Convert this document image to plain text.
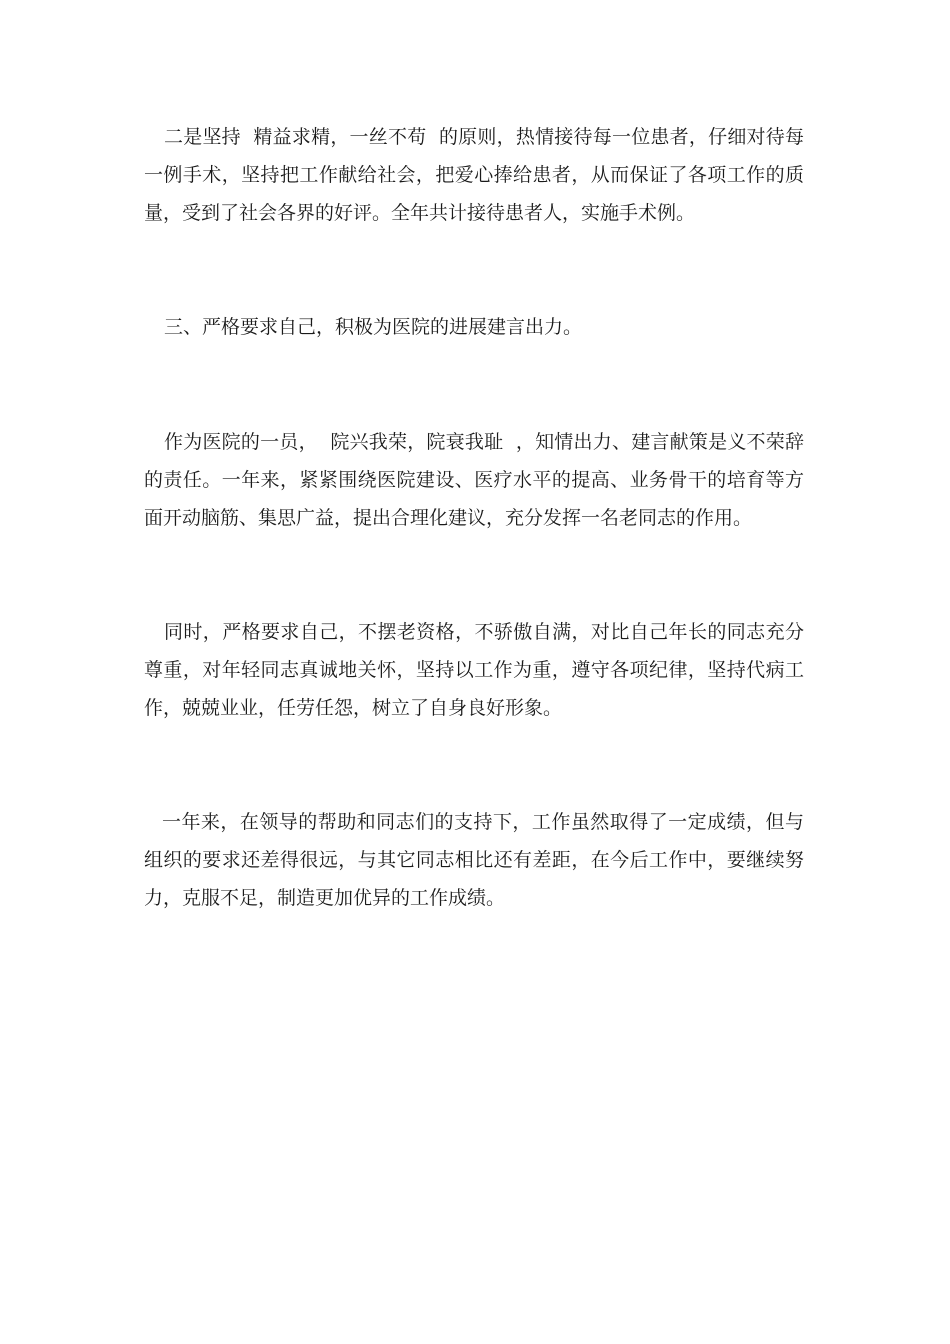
二是坚持  精益求精，一丝不苟  的原则，热情接待每一位患者，仔细对待每一例手术，坚持把工作献给社会，把爱心捧给患者，从而保证了各项工作的质量，受到了社会各界的好评。全年共计接待患者人，实施手术例。

三、严格要求自己，积极为医院的进展建言出力。

作为医院的一员，  院兴我荣，院衰我耻  ，知情出力、建言献策是义不荣辞的责任。一年来，紧紧围绕医院建设、医疗水平的提高、业务骨干的培育等方面开动脑筋、集思广益，提出合理化建议，充分发挥一名老同志的作用。

同时，严格要求自己，不摆老资格，不骄傲自满，对比自己年长的同志充分尊重，对年轻同志真诚地关怀，坚持以工作为重，遵守各项纪律，坚持代病工作，兢兢业业，任劳任怨，树立了自身良好形象。

一年来，在领导的帮助和同志们的支持下，工作虽然取得了一定成绩，但与组织的要求还差得很远，与其它同志相比还有差距，在今后工作中，要继续努力，克服不足，制造更加优异的工作成绩。
